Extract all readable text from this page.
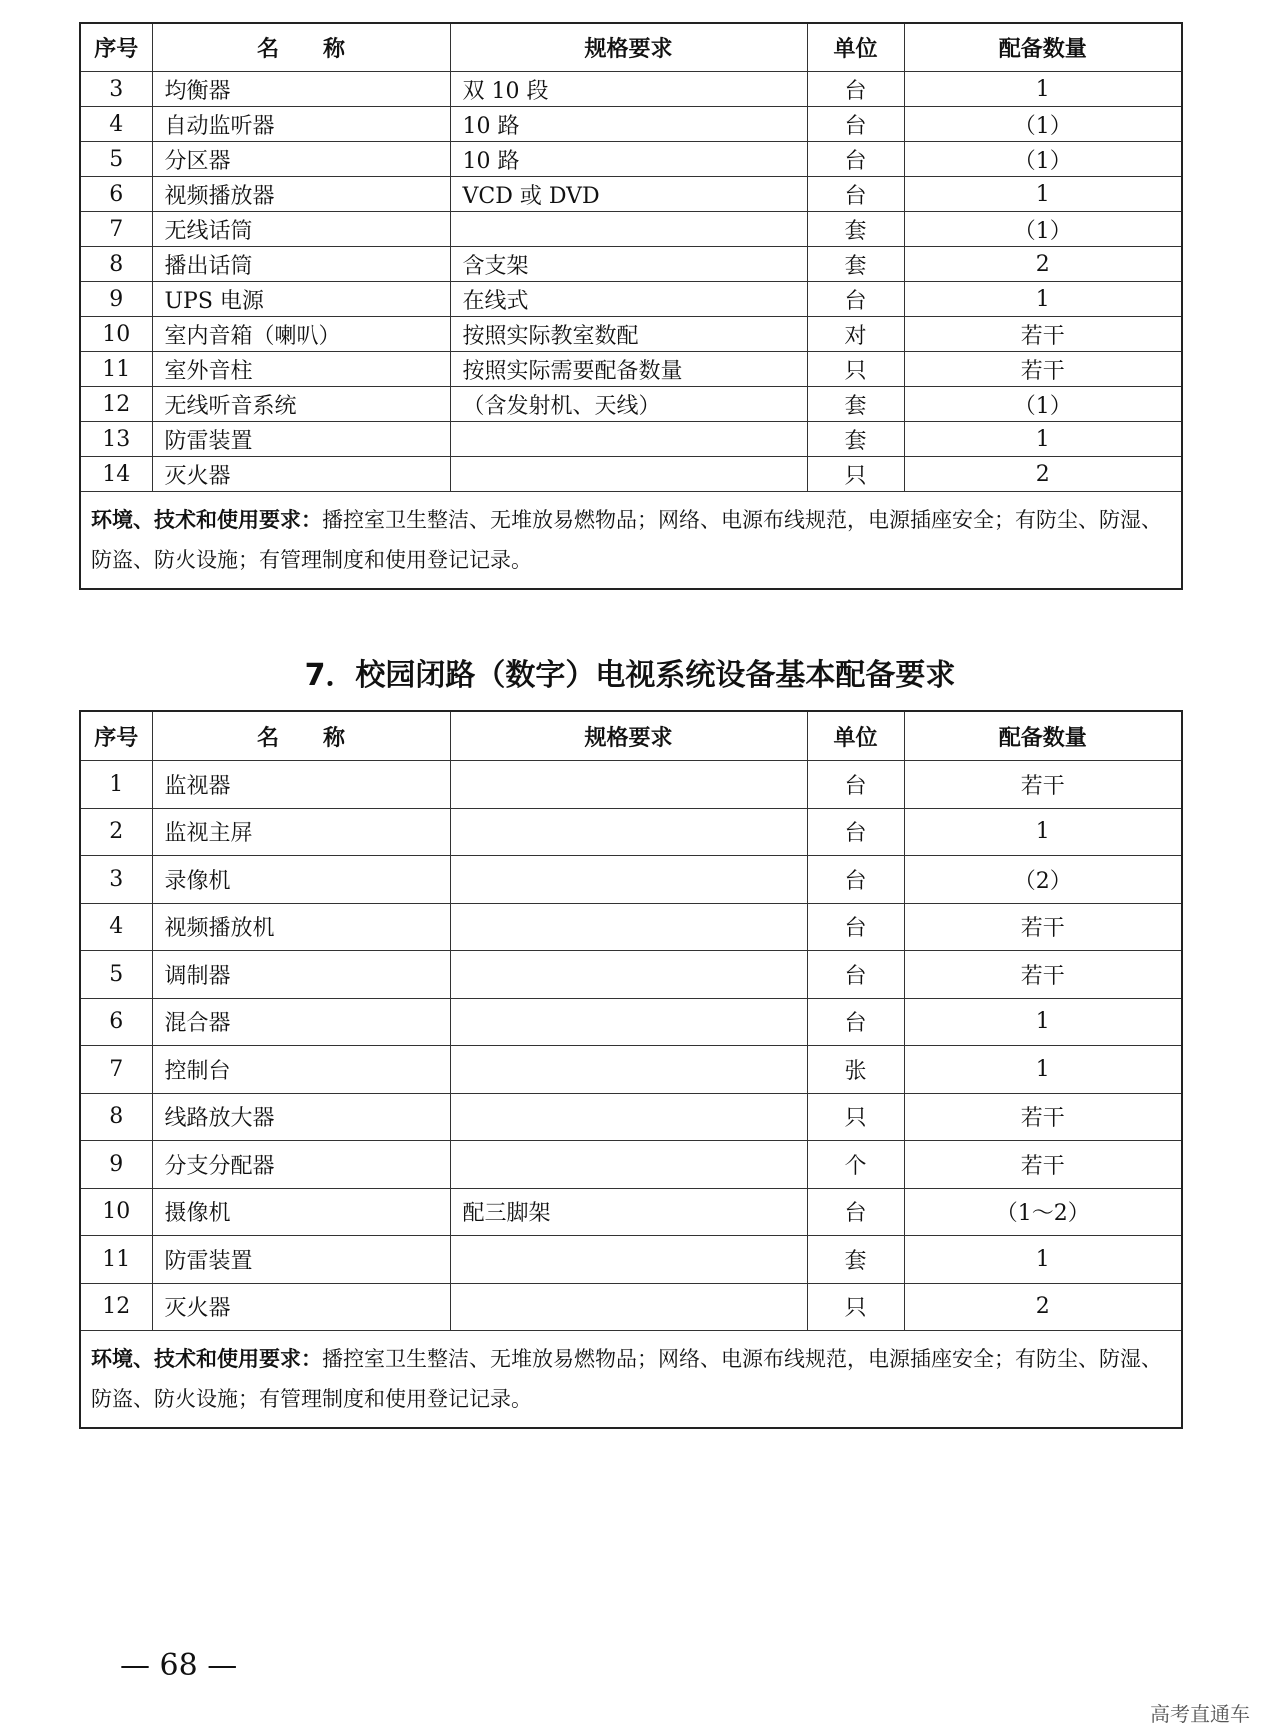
序号	名　　称	规格要求	单位	配备数量
3	均衡器	双 10 段	台	1
4	自动监听器	10 路	台	（1）
5	分区器	10 路	台	（1）
6	视频播放器	VCD 或 DVD	台	1
7	无线话筒		套	（1）
8	播出话筒	含支架	套	2
9	UPS 电源	在线式	台	1
10	室内音箱（喇叭）	按照实际教室数配	对	若干
11	室外音柱	按照实际需要配备数量	只	若干
12	无线听音系统	（含发射机、天线）	套	（1）
13	防雷装置		套	1
14	灭火器		只	2
环境、技术和使用要求：播控室卫生整洁、无堆放易燃物品；网络、电源布线规范，电源插座安全；有防尘、防湿、防盗、防火设施；有管理制度和使用登记记录。				
7．校园闭路（数字）电视系统设备基本配备要求
序号	名　　称	规格要求	单位	配备数量
1	监视器		台	若干
2	监视主屏		台	1
3	录像机		台	（2）
4	视频播放机		台	若干
5	调制器		台	若干
6	混合器		台	1
7	控制台		张	1
8	线路放大器		只	若干
9	分支分配器		个	若干
10	摄像机	配三脚架	台	（1～2）
11	防雷装置		套	1
12	灭火器		只	2
环境、技术和使用要求：播控室卫生整洁、无堆放易燃物品；网络、电源布线规范，电源插座安全；有防尘、防湿、防盗、防火设施；有管理制度和使用登记记录。				
— 68 —
高考直通车
